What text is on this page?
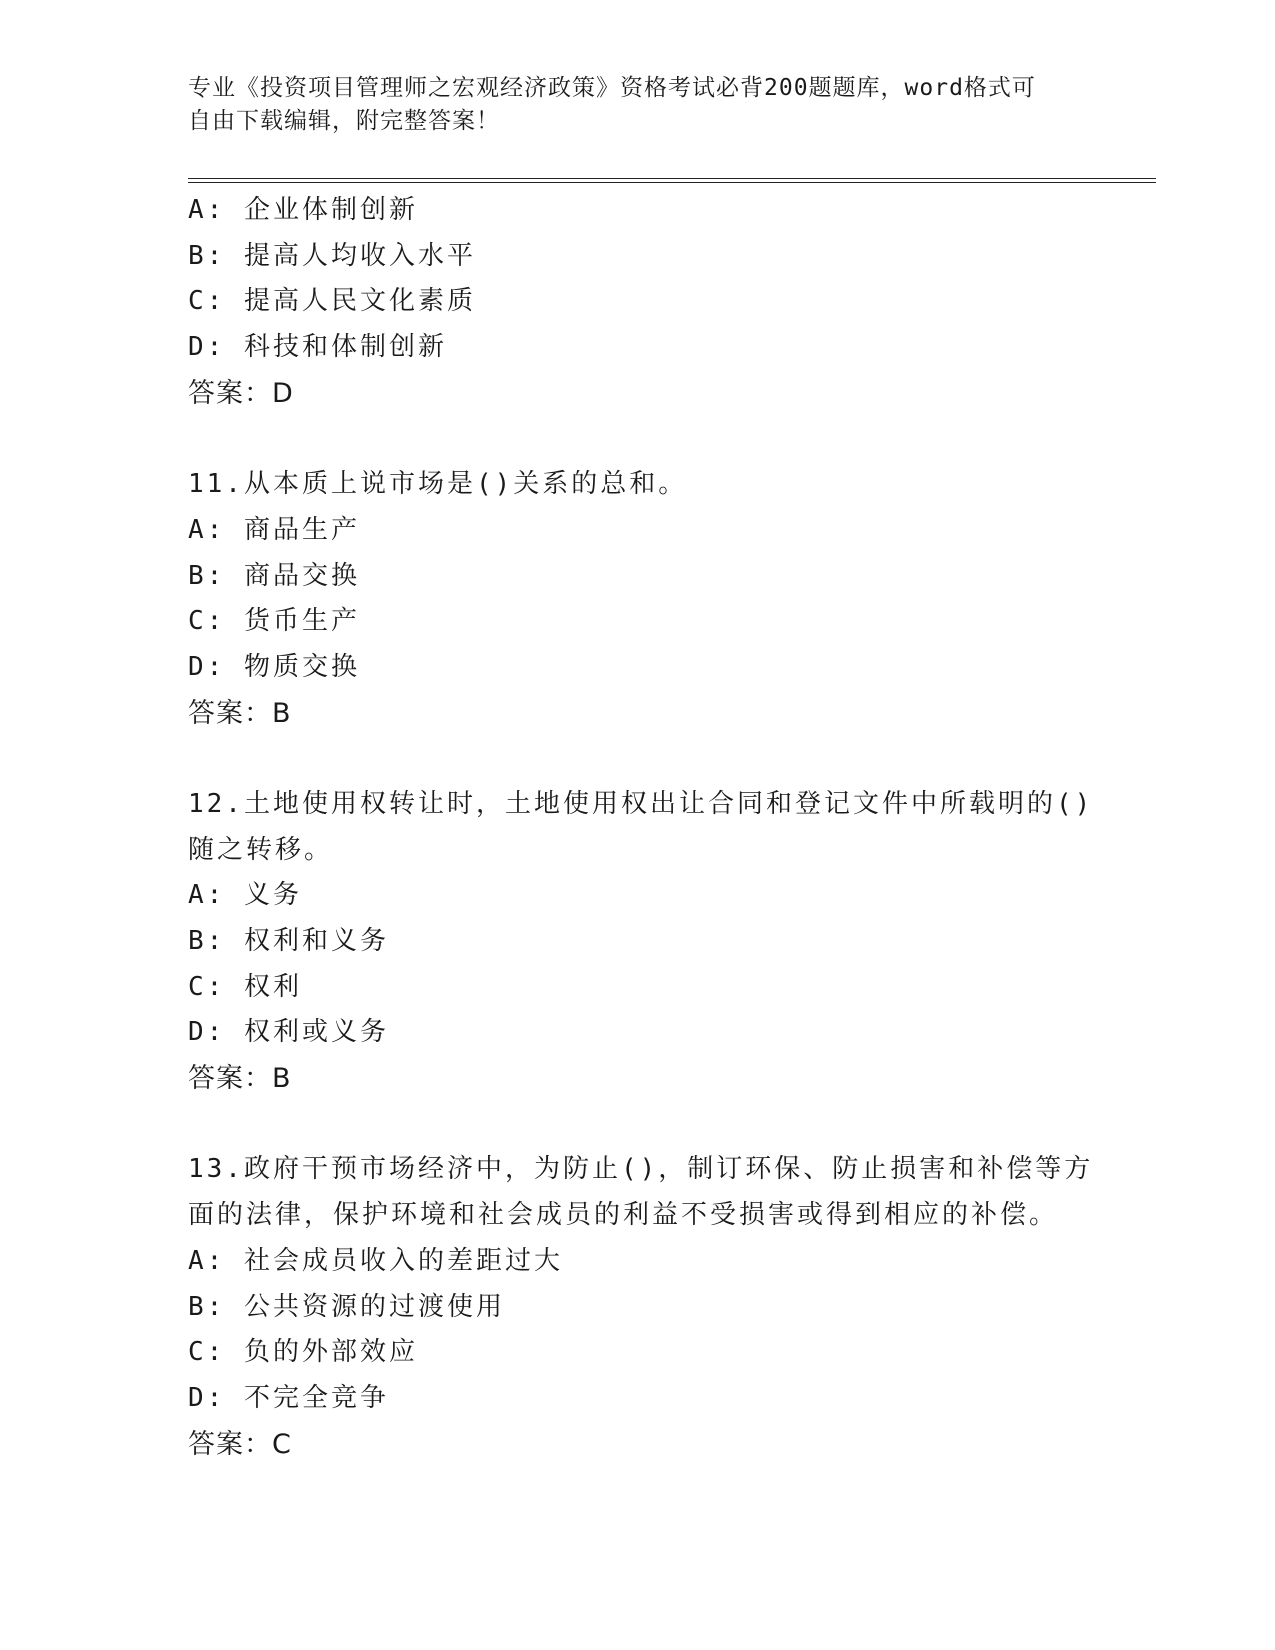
专业《投资项目管理师之宏观经济政策》资格考试必背200题题库，word格式可
自由下载编辑，附完整答案！
A: 企业体制创新
B: 提高人均收入水平
C: 提高人民文化素质
D: 科技和体制创新
答案：D
11.从本质上说市场是()关系的总和。
A: 商品生产
B: 商品交换
C: 货币生产
D: 物质交换
答案：B
12.土地使用权转让时，土地使用权出让合同和登记文件中所载明的()
随之转移。
A: 义务
B: 权利和义务
C: 权利
D: 权利或义务
答案：B
13.政府干预市场经济中，为防止()，制订环保、防止损害和补偿等方
面的法律，保护环境和社会成员的利益不受损害或得到相应的补偿。
A: 社会成员收入的差距过大
B: 公共资源的过渡使用
C: 负的外部效应
D: 不完全竞争
答案：C
